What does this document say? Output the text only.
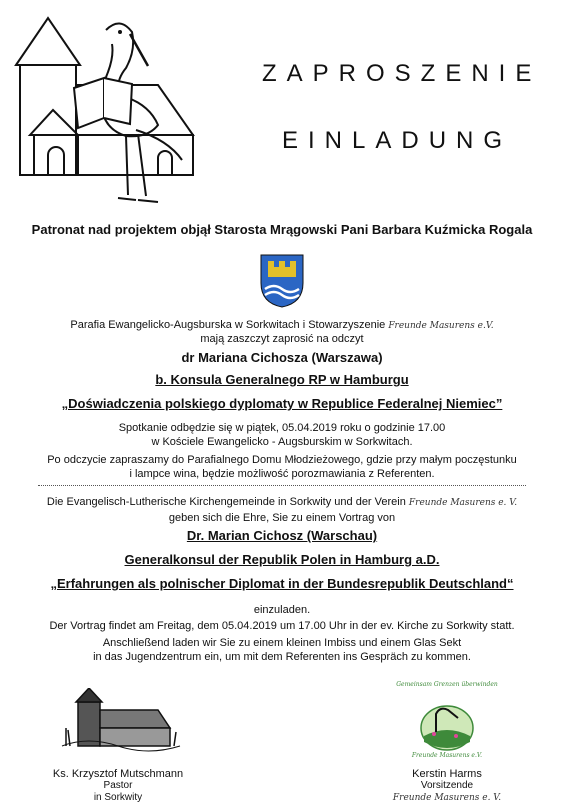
ZAPROSZENIE
EINLADUNG
Patronat nad projektem objął Starosta Mrągowski Pani Barbara Kuźmicka Rogala
Parafia Ewangelicko-Augsburska w Sorkwitach i Stowarzyszenie Freunde Masurens e.V.
mają zaszczyt zaprosić na odczyt
dr Mariana Cichosza (Warszawa)
b. Konsula Generalnego RP w Hamburgu
„Doświadczenia polskiego dyplomaty w Republice Federalnej Niemiec”
Spotkanie odbędzie się w piątek, 05.04.2019 roku o godzinie 17.00
w Kościele Ewangelicko - Augsburskim w Sorkwitach.
Po odczycie zapraszamy do Parafialnego Domu Młodzieżowego, gdzie przy małym poczęstunku
i lampce wina, będzie możliwość porozmawiania z Referenten.
Die Evangelisch-Lutherische Kirchengemeinde in Sorkwity und der Verein Freunde Masurens e. V.
geben sich die Ehre, Sie zu einem Vortrag von
Dr. Marian Cichosz (Warschau)
Generalkonsul der Republik Polen in Hamburg a.D.
„Erfahrungen als polnischer Diplomat in der Bundesrepublik Deutschland“
einzuladen.
Der Vortrag findet am Freitag, dem 05.04.2019 um 17.00 Uhr in der ev. Kirche zu Sorkwity statt.
Anschließend laden wir Sie zu einem kleinen Imbiss und einem Glas Sekt
in das Jugendzentrum ein, um mit dem Referenten ins Gespräch zu kommen.
Gemeinsam Grenzen überwinden
Freunde Masurens e.V.
Ks. Krzysztof Mutschmann
Pastor
in Sorkwity
Kerstin Harms
Vorsitzende
Freunde Masurens e. V.
